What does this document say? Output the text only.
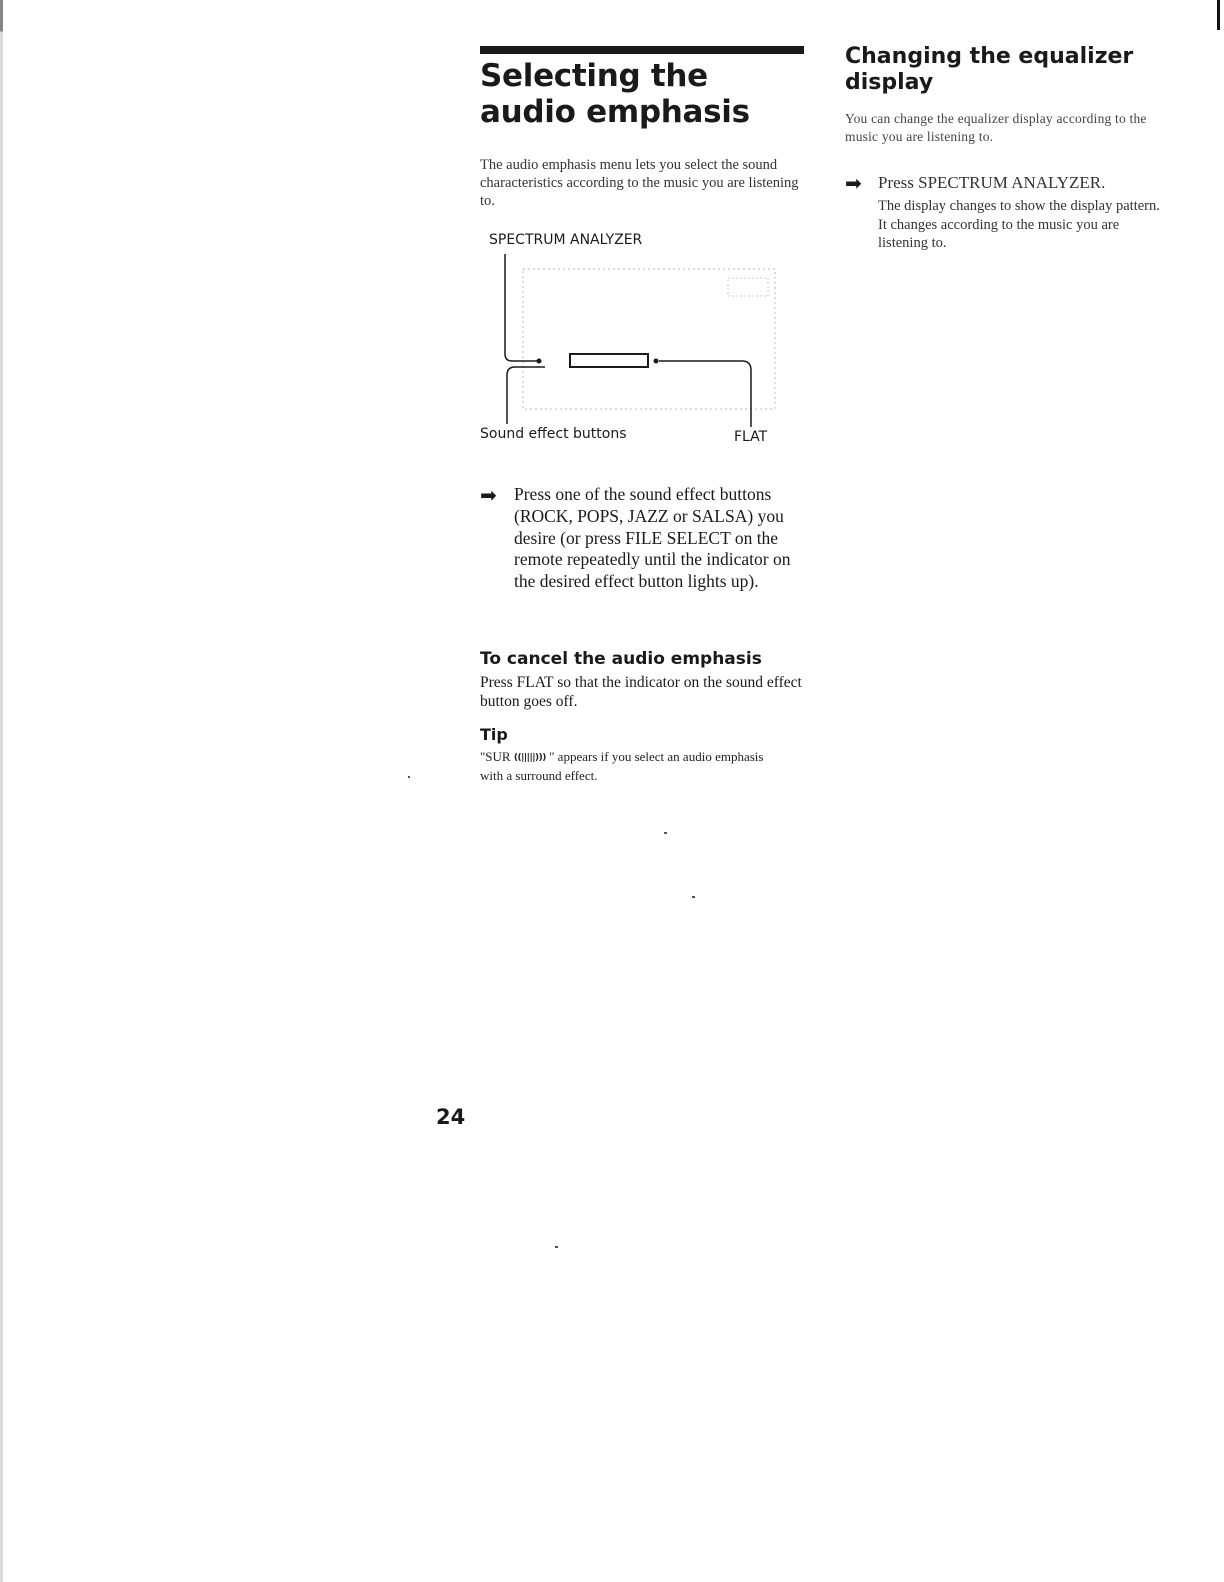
Selecting the audio emphasis

The audio emphasis menu lets you select the sound characteristics according to the music you are listening to.

SPECTRUM ANALYZER
Sound effect buttons	FLAT
➡ Press one of the sound effect buttons (ROCK, POPS, JAZZ or SALSA) you desire (or press FILE SELECT on the remote repeatedly until the indicator on the desired effect button lights up).

To cancel the audio emphasis

Press FLAT so that the indicator on the sound effect button goes off.

Tip

"SUR ((|||||))) " appears if you select an audio emphasis with a surround effect.

Changing the equalizer display

You can change the equalizer display according to the music you are listening to.

➡ Press SPECTRUM ANALYZER.

The display changes to show the display pattern. It changes according to the music you are listening to.

24
